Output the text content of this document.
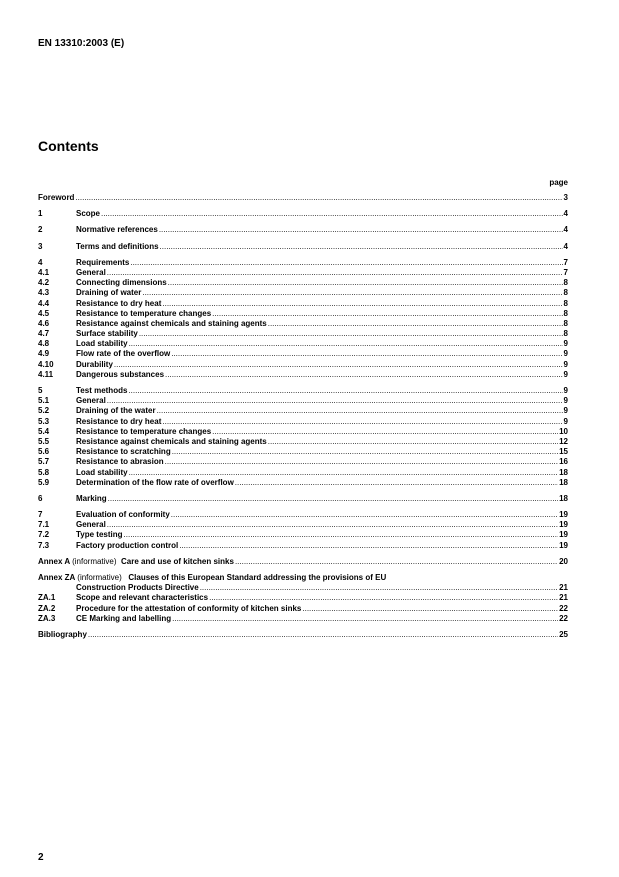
EN 13310:2003 (E)
Contents
page
Foreword .....	3
1	Scope .....	4
2	Normative references .....	4
3	Terms and definitions .....	4
4	Requirements .....	7
4.1	General .....	7
4.2	Connecting dimensions .....	8
4.3	Draining of water .....	8
4.4	Resistance to dry heat .....	8
4.5	Resistance to temperature changes .....	8
4.6	Resistance against chemicals and staining agents .....	8
4.7	Surface stability .....	8
4.8	Load stability .....	9
4.9	Flow rate of the overflow .....	9
4.10	Durability .....	9
4.11	Dangerous substances .....	9
5	Test methods .....	9
5.1	General .....	9
5.2	Draining of the water .....	9
5.3	Resistance to dry heat .....	9
5.4	Resistance to temperature changes .....	10
5.5	Resistance against chemicals and staining agents .....	12
5.6	Resistance to scratching .....	15
5.7	Resistance to abrasion .....	16
5.8	Load stability .....	18
5.9	Determination of the flow rate of overflow .....	18
6	Marking .....	18
7	Evaluation of conformity .....	19
7.1	General .....	19
7.2	Type testing .....	19
7.3	Factory production control .....	19
Annex A (informative) Care and use of kitchen sinks .....	20
Annex ZA (informative) Clauses of this European Standard addressing the provisions of EU
Construction Products Directive .....	21
ZA.1	Scope and relevant characteristics .....	21
ZA.2	Procedure for the attestation of conformity of kitchen sinks .....	22
ZA.3	CE Marking and labelling .....	22
Bibliography .....	25
2
